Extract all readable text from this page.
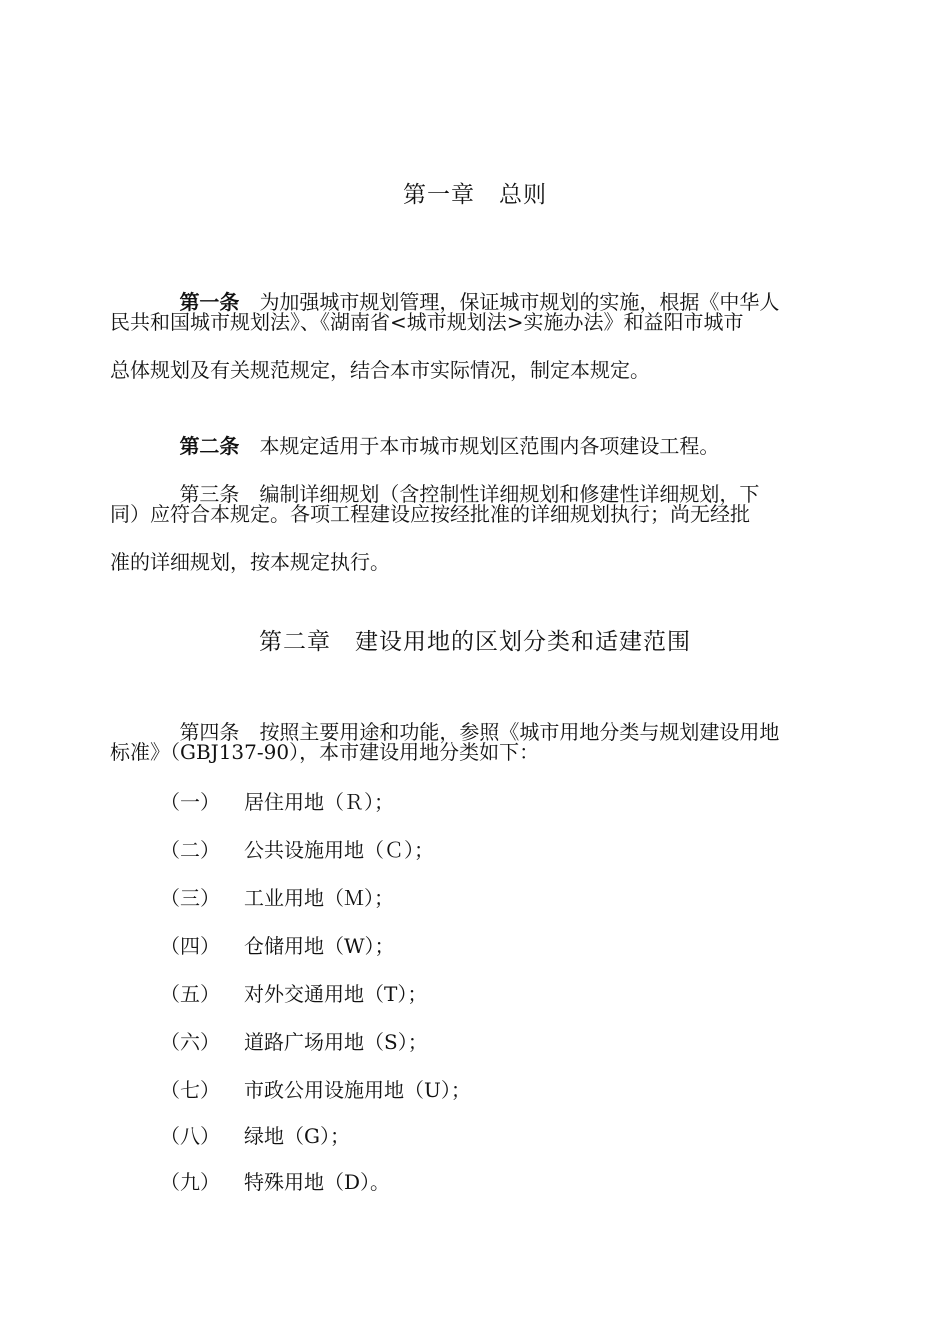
第一章　总则

第一条　 为加强城市规划管理，保证城市规划的实施，根据《中华人

民共和国城市规划法》、《湖南省<城市规划法>实施办法》和益阳市城市
总体规划及有关规范规定，结合本市实际情况，制定本规定。

第二条　 本规定适用于本市城市规划区范围内各项建设工程。

第三条　 编制详细规划（含控制性详细规划和修建性详细规划，下

同）应符合本规定。各项工程建设应按经批准的详细规划执行；尚无经批
准的详细规划，按本规定执行。
第二章　建设用地的区划分类和适建范围

第四条　 按照主要用途和功能，参照《城市用地分类与规划建设用地

标准》（GBJ137-90），本市建设用地分类如下：
（一） 居住用地（Ｒ）；
（二） 公共设施用地（Ｃ）；
（三） 工业用地（Ｍ）；
（四） 仓储用地（W）；
（五） 对外交通用地（T）；
（六） 道路广场用地（S）；
（七） 市政公用设施用地（U）；
（八） 绿地（G）；
（九） 特殊用地（D）。
